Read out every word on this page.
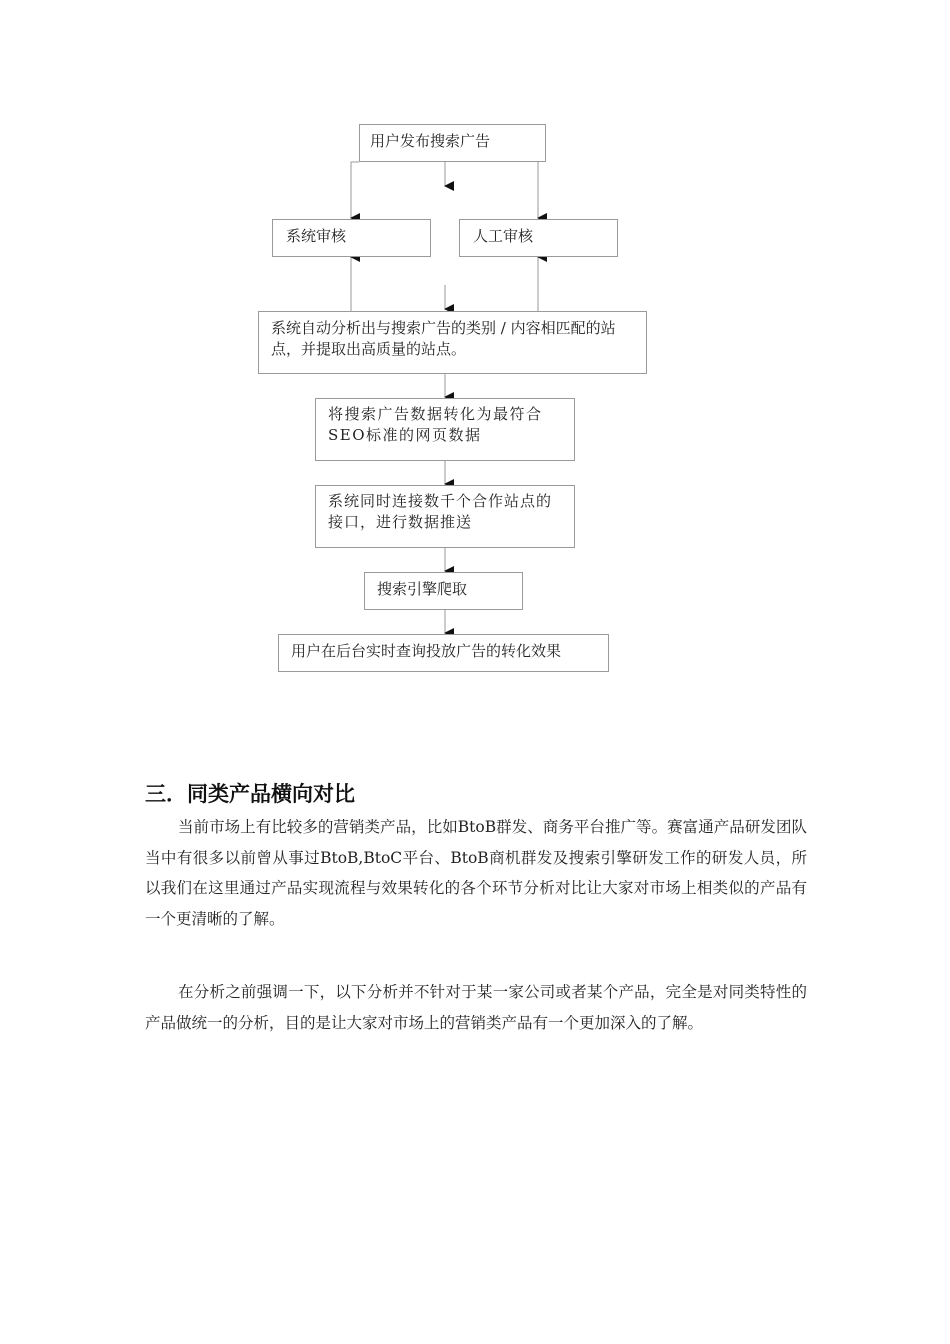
用户发布搜索广告
系统审核	人工审核
系统自动分析出与搜索广告的类别 / 内容相匹配的站点，并提取出高质量的站点。
将搜索广告数据转化为最符合SEO标准的网页数据
系统同时连接数千个合作站点的接口，进行数据推送
搜索引擎爬取
用户在后台实时查询投放广告的转化效果
三．同类产品横向对比

当前市场上有比较多的营销类产品，比如BtoB群发、商务平台推广等。赛富通产品研发团队当中有很多以前曾从事过BtoB,BtoC平台、BtoB商机群发及搜索引擎研发工作的研发人员，所以我们在这里通过产品实现流程与效果转化的各个环节分析对比让大家对市场上相类似的产品有一个更清晰的了解。

在分析之前强调一下，以下分析并不针对于某一家公司或者某个产品，完全是对同类特性的产品做统一的分析，目的是让大家对市场上的营销类产品有一个更加深入的了解。
